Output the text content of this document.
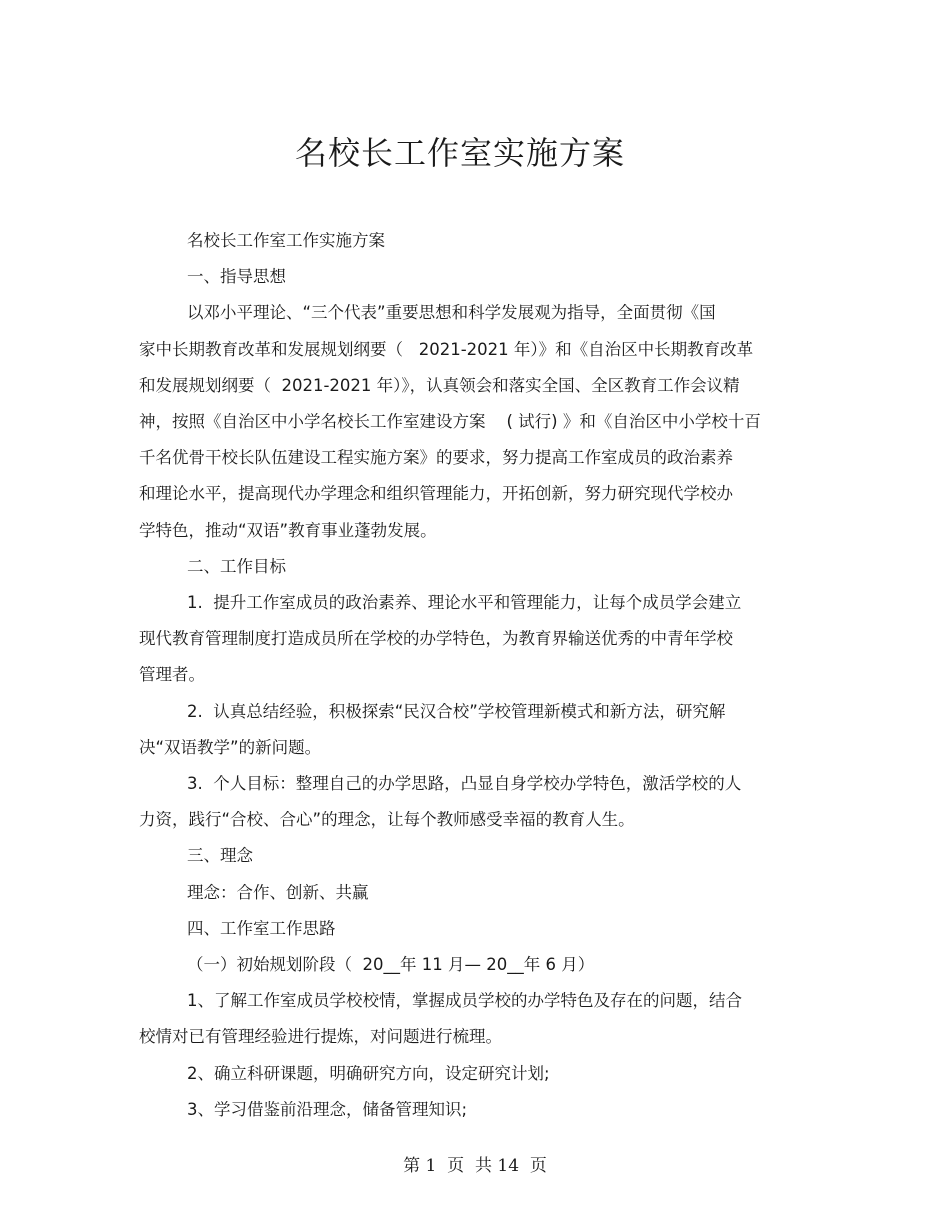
名校长工作室实施方案

名校长工作室工作实施方案

一、指导思想

以邓小平理论、“三个代表”重要思想和科学发展观为指导，全面贯彻《国

家中长期教育改革和发展规划纲要（   2021-2021 年）》和《自治区中长期教育改革

和发展规划纲要（  2021-2021 年）》，认真领会和落实全国、全区教育工作会议精

神，按照《自治区中小学名校长工作室建设方案    ( 试行) 》和《自治区中小学校十百

千名优骨干校长队伍建设工程实施方案》的要求，努力提高工作室成员的政治素养

和理论水平，提高现代办学理念和组织管理能力，开拓创新，努力研究现代学校办

学特色，推动“双语”教育事业蓬勃发展。

二、工作目标

1.  提升工作室成员的政治素养、理论水平和管理能力，让每个成员学会建立

现代教育管理制度打造成员所在学校的办学特色，为教育界输送优秀的中青年学校

管理者。

2.  认真总结经验，积极探索“民汉合校”学校管理新模式和新方法，研究解

决“双语教学”的新问题。

3.  个人目标：整理自己的办学思路，凸显自身学校办学特色，激活学校的人

力资，践行“合校、合心”的理念，让每个教师感受幸福的教育人生。

三、理念

理念：合作、创新、共赢

四、工作室工作思路

（一）初始规划阶段（  20__年 11 月— 20__年 6 月）

1、了解工作室成员学校校情，掌握成员学校的办学特色及存在的问题，结合

校情对已有管理经验进行提炼，对问题进行梳理。

2、确立科研课题，明确研究方向，设定研究计划;

3、学习借鉴前沿理念，储备管理知识;

第 1  页  共 14  页
